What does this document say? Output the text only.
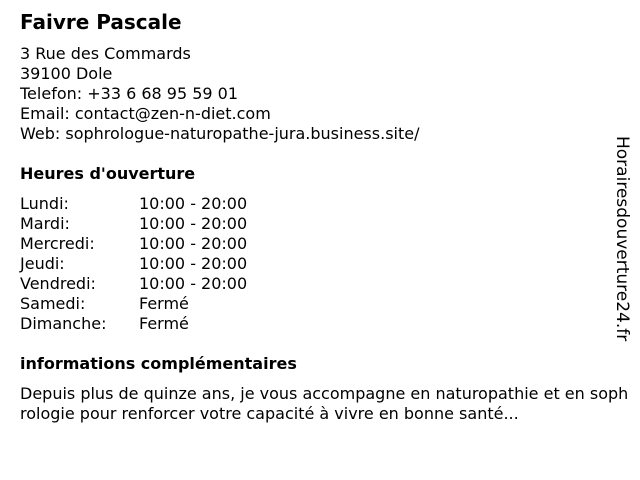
Faivre Pascale
3 Rue des Commards
39100 Dole
Telefon: +33 6 68 95 59 01
Email: contact@zen-n-diet.com
Web: sophrologue-naturopathe-jura.business.site/
Heures d'ouverture
Lundi:	10:00 - 20:00
Mardi:	10:00 - 20:00
Mercredi:	10:00 - 20:00
Jeudi:	10:00 - 20:00
Vendredi:	10:00 - 20:00
Samedi:	Fermé
Dimanche: Fermé
informations complémentaires

Depuis plus de quinze ans, je vous accompagne en naturopathie et en sophrologie pour renforcer votre capacité à vivre en bonne santé...

Horairesdouverture24.fr
